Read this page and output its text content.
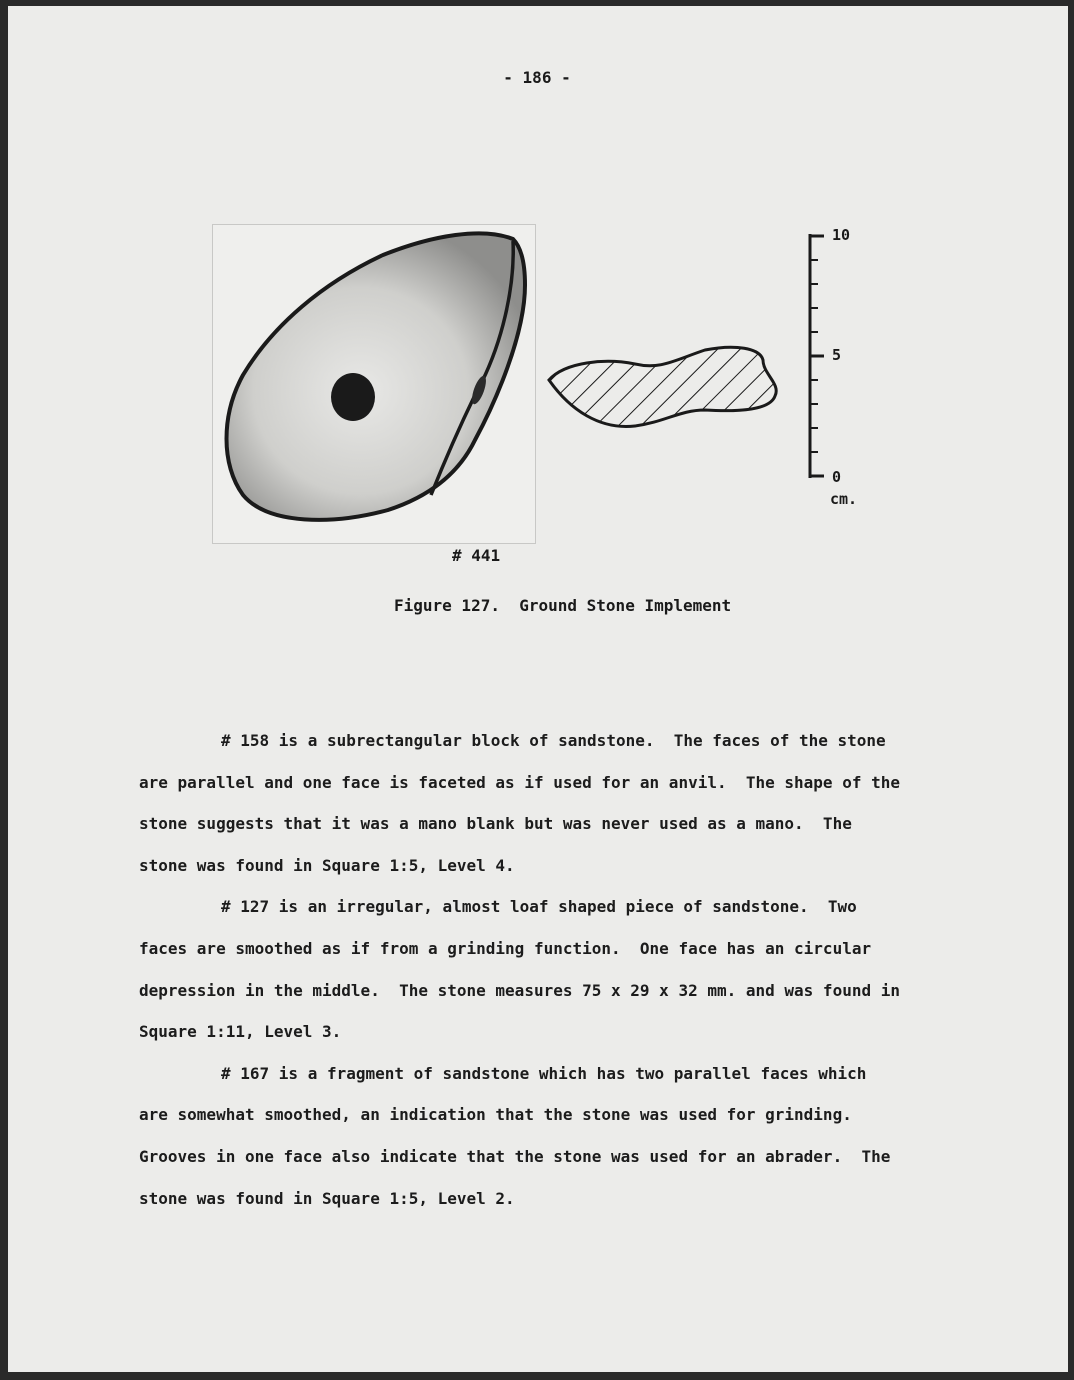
- 186 -
10
5
0
cm.
# 441
Figure 127.  Ground Stone Implement
# 158 is a subrectangular block of sandstone.  The faces of the stone
are parallel and one face is faceted as if used for an anvil.  The shape of the
stone suggests that it was a mano blank but was never used as a mano.  The
stone was found in Square 1:5, Level 4.
# 127 is an irregular, almost loaf shaped piece of sandstone.  Two
faces are smoothed as if from a grinding function.  One face has an circular
depression in the middle.  The stone measures 75 x 29 x 32 mm. and was found in
Square 1:11, Level 3.
# 167 is a fragment of sandstone which has two parallel faces which
are somewhat smoothed, an indication that the stone was used for grinding.
Grooves in one face also indicate that the stone was used for an abrader.  The
stone was found in Square 1:5, Level 2.
